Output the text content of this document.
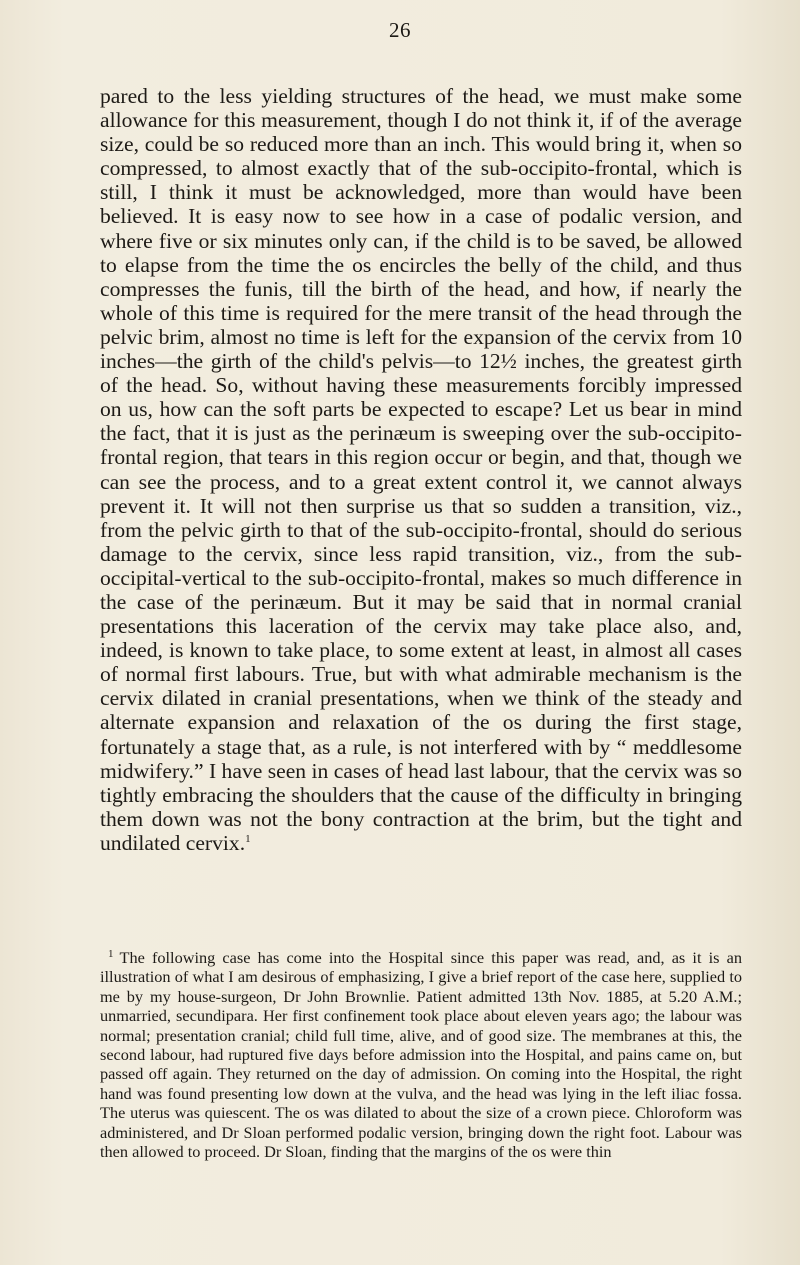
26

pared to the less yielding structures of the head, we must make some allowance for this measurement, though I do not think it, if of the average size, could be so reduced more than an inch. This would bring it, when so compressed, to almost exactly that of the sub-occipito-frontal, which is still, I think it must be acknowledged, more than would have been believed. It is easy now to see how in a case of podalic version, and where five or six minutes only can, if the child is to be saved, be allowed to elapse from the time the os encircles the belly of the child, and thus compresses the funis, till the birth of the head, and how, if nearly the whole of this time is required for the mere transit of the head through the pelvic brim, almost no time is left for the expansion of the cervix from 10 inches—the girth of the child's pelvis—to 12½ inches, the greatest girth of the head. So, without having these measurements forcibly impressed on us, how can the soft parts be expected to escape? Let us bear in mind the fact, that it is just as the perinæum is sweeping over the sub-occipito-frontal region, that tears in this region occur or begin, and that, though we can see the process, and to a great extent control it, we cannot always prevent it. It will not then surprise us that so sudden a transition, viz., from the pelvic girth to that of the sub-occipito-frontal, should do serious damage to the cervix, since less rapid transition, viz., from the sub-occipital-vertical to the sub-occipito-frontal, makes so much difference in the case of the perinæum. But it may be said that in normal cranial presentations this laceration of the cervix may take place also, and, indeed, is known to take place, to some extent at least, in almost all cases of normal first labours. True, but with what admirable mechanism is the cervix dilated in cranial presentations, when we think of the steady and alternate expansion and relaxation of the os during the first stage, fortunately a stage that, as a rule, is not interfered with by “ meddlesome midwifery.” I have seen in cases of head last labour, that the cervix was so tightly embracing the shoulders that the cause of the difficulty in bringing them down was not the bony contraction at the brim, but the tight and undilated cervix.$^1$

$^1$ The following case has come into the Hospital since this paper was read, and, as it is an illustration of what I am desirous of emphasizing, I give a brief report of the case here, supplied to me by my house-surgeon, Dr John Brownlie. Patient admitted 13th Nov. 1885, at 5.20 A.M.; unmarried, secundipara. Her first confinement took place about eleven years ago; the labour was normal; presentation cranial; child full time, alive, and of good size. The membranes at this, the second labour, had ruptured five days before admission into the Hospital, and pains came on, but passed off again. They returned on the day of admission. On coming into the Hospital, the right hand was found presenting low down at the vulva, and the head was lying in the left iliac fossa. The uterus was quiescent. The os was dilated to about the size of a crown piece. Chloroform was administered, and Dr Sloan performed podalic version, bringing down the right foot. Labour was then allowed to proceed. Dr Sloan, finding that the margins of the os were thin
